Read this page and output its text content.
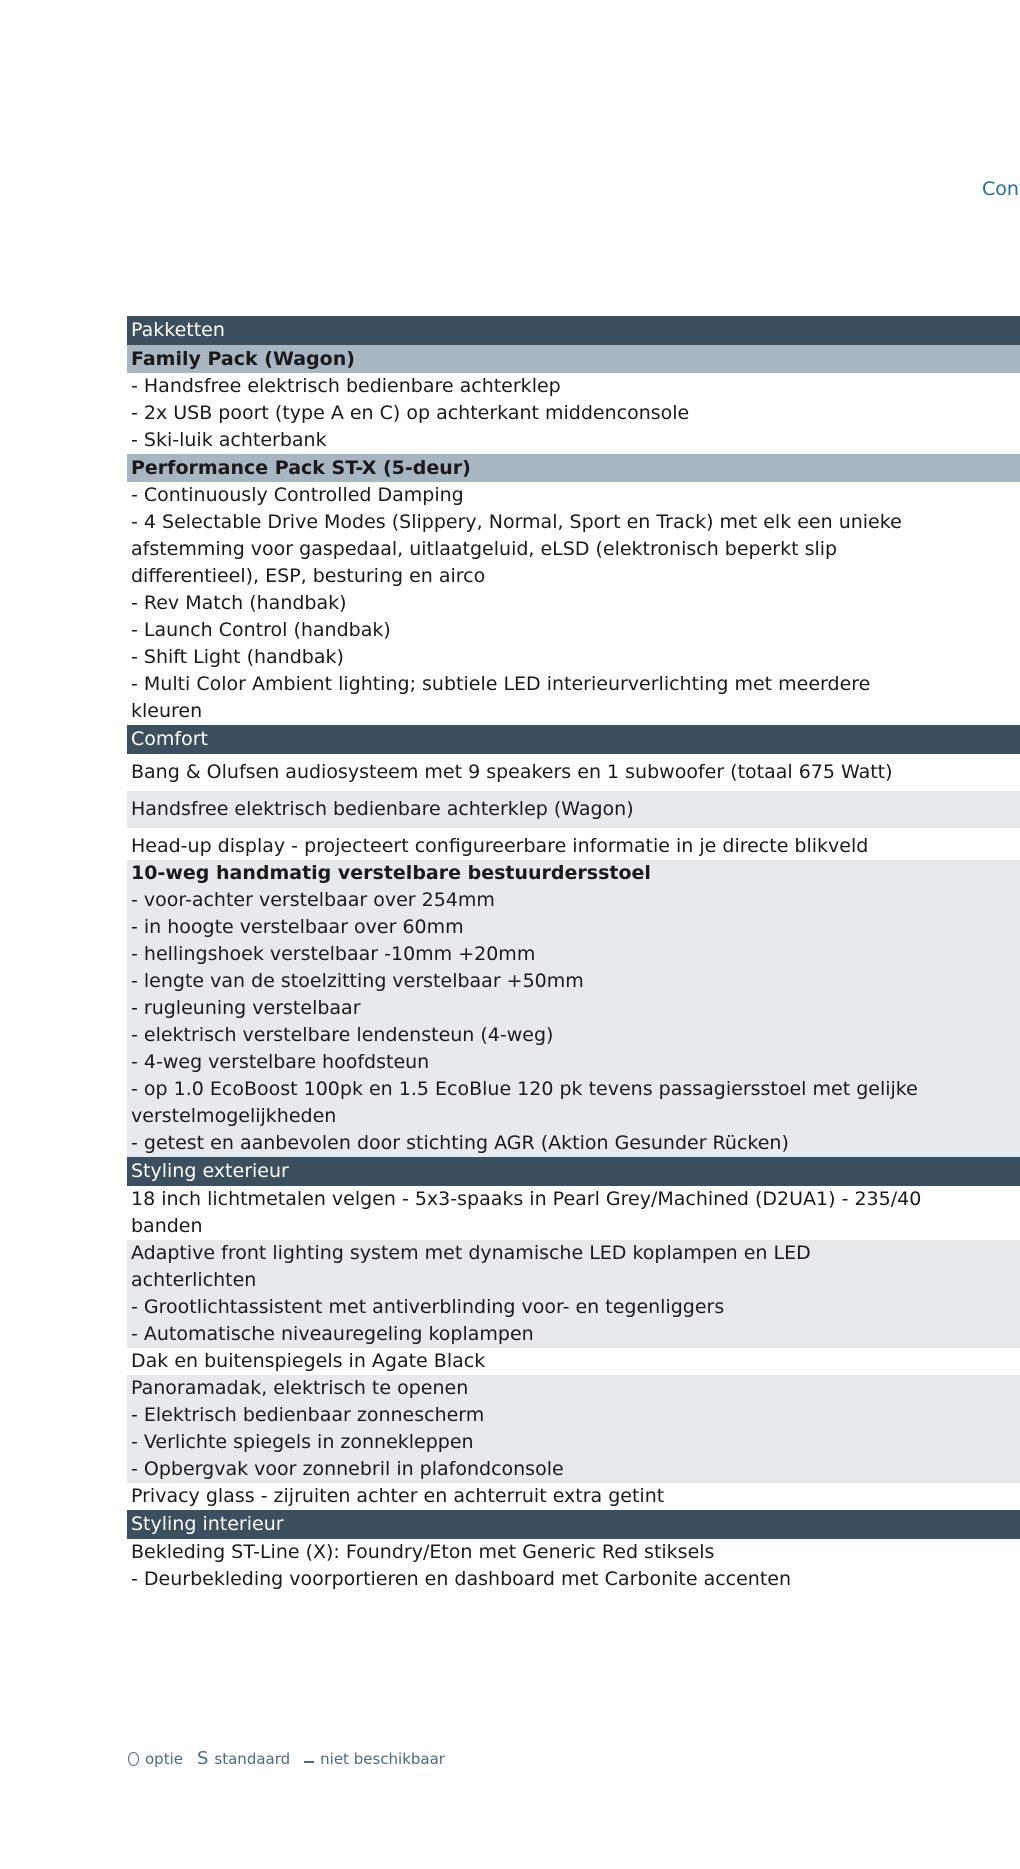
Con
Pakketten
Family Pack (Wagon)
- Handsfree elektrisch bedienbare achterklep
- 2x USB poort (type A en C) op achterkant middenconsole
- Ski-luik achterbank
Performance Pack ST-X (5-deur)
- Continuously Controlled Damping
- 4 Selectable Drive Modes (Slippery, Normal, Sport en Track) met elk een unieke
afstemming voor gaspedaal, uitlaatgeluid, eLSD (elektronisch beperkt slip
differentieel), ESP, besturing en airco
- Rev Match (handbak)
- Launch Control (handbak)
- Shift Light (handbak)
- Multi Color Ambient lighting; subtiele LED interieurverlichting met meerdere
kleuren
Comfort
Bang & Olufsen audiosysteem met 9 speakers en 1 subwoofer (totaal 675 Watt)
Handsfree elektrisch bedienbare achterklep (Wagon)
Head-up display - projecteert configureerbare informatie in je directe blikveld
10-weg handmatig verstelbare bestuurdersstoel
- voor-achter verstelbaar over 254mm
- in hoogte verstelbaar over 60mm
- hellingshoek verstelbaar -10mm +20mm
- lengte van de stoelzitting verstelbaar +50mm
- rugleuning verstelbaar
- elektrisch verstelbare lendensteun (4-weg)
- 4-weg verstelbare hoofdsteun
- op 1.0 EcoBoost 100pk en 1.5 EcoBlue 120 pk tevens passagiersstoel met gelijke
verstelmogelijkheden
- getest en aanbevolen door stichting AGR (Aktion Gesunder Rücken)
Styling exterieur
18 inch lichtmetalen velgen - 5x3-spaaks in Pearl Grey/Machined (D2UA1) - 235/40
banden
Adaptive front lighting system met dynamische LED koplampen en LED
achterlichten
- Grootlichtassistent met antiverblinding voor- en tegenliggers
- Automatische niveauregeling koplampen
Dak en buitenspiegels in Agate Black
Panoramadak, elektrisch te openen
- Elektrisch bedienbaar zonnescherm
- Verlichte spiegels in zonnekleppen
- Opbergvak voor zonnebril in plafondconsole
Privacy glass - zijruiten achter en achterruit extra getint
Styling interieur
Bekleding ST-Line (X): Foundry/Eton met Generic Red stiksels
- Deurbekleding voorportieren en dashboard met Carbonite accenten
optie S standaard niet beschikbaar
